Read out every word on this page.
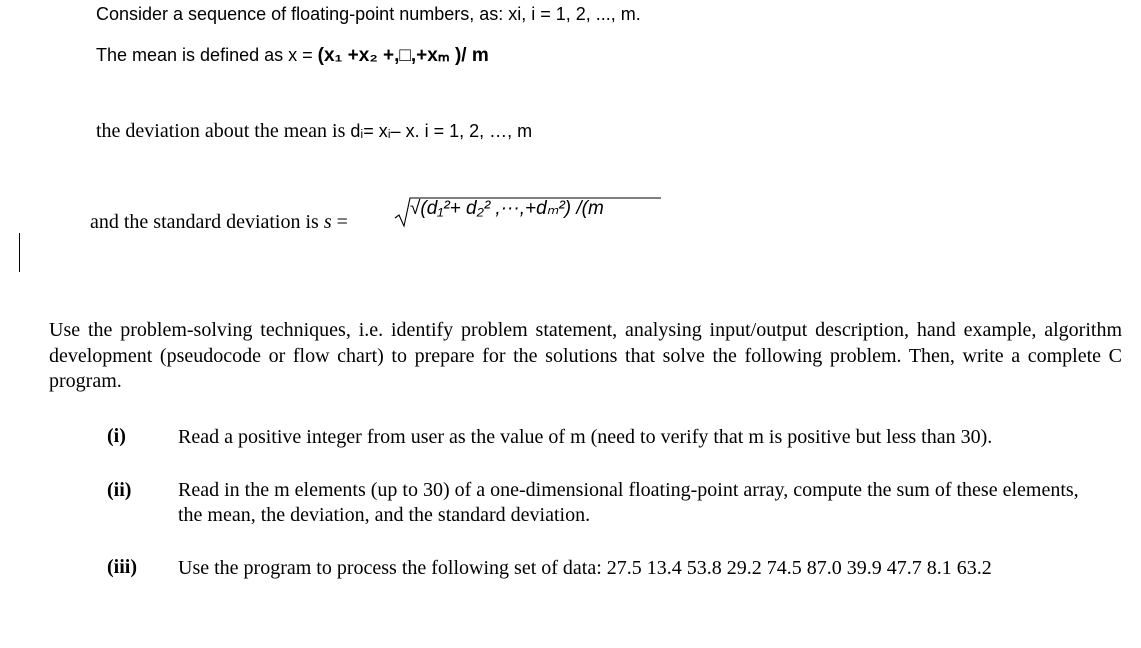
Consider a sequence of floating-point numbers, as: xi, i = 1, 2, ..., m.
The mean is defined as x = (x₁ +x₂ +,□,+xₘ )/ m
the deviation about the mean is dᵢ= xᵢ– x. i = 1, 2, …, m
and the standard deviation is s =
√(d₁²+ d₂² ,···,+dₘ²) /(m
Use the problem-solving techniques, i.e. identify problem statement, analysing input/output description, hand example, algorithm development (pseudocode or flow chart) to prepare for the solutions that solve the following problem. Then, write a complete C program.
(i)	Read a positive integer from user as the value of m (need to verify that m is positive but less than 30).
(ii) Read in the m elements (up to 30) of a one-dimensional floating-point array, compute the sum of these elements, the mean, the deviation, and the standard deviation.
(iii) Use the program to process the following set of data: 27.5 13.4 53.8 29.2 74.5 87.0 39.9 47.7 8.1 63.2
